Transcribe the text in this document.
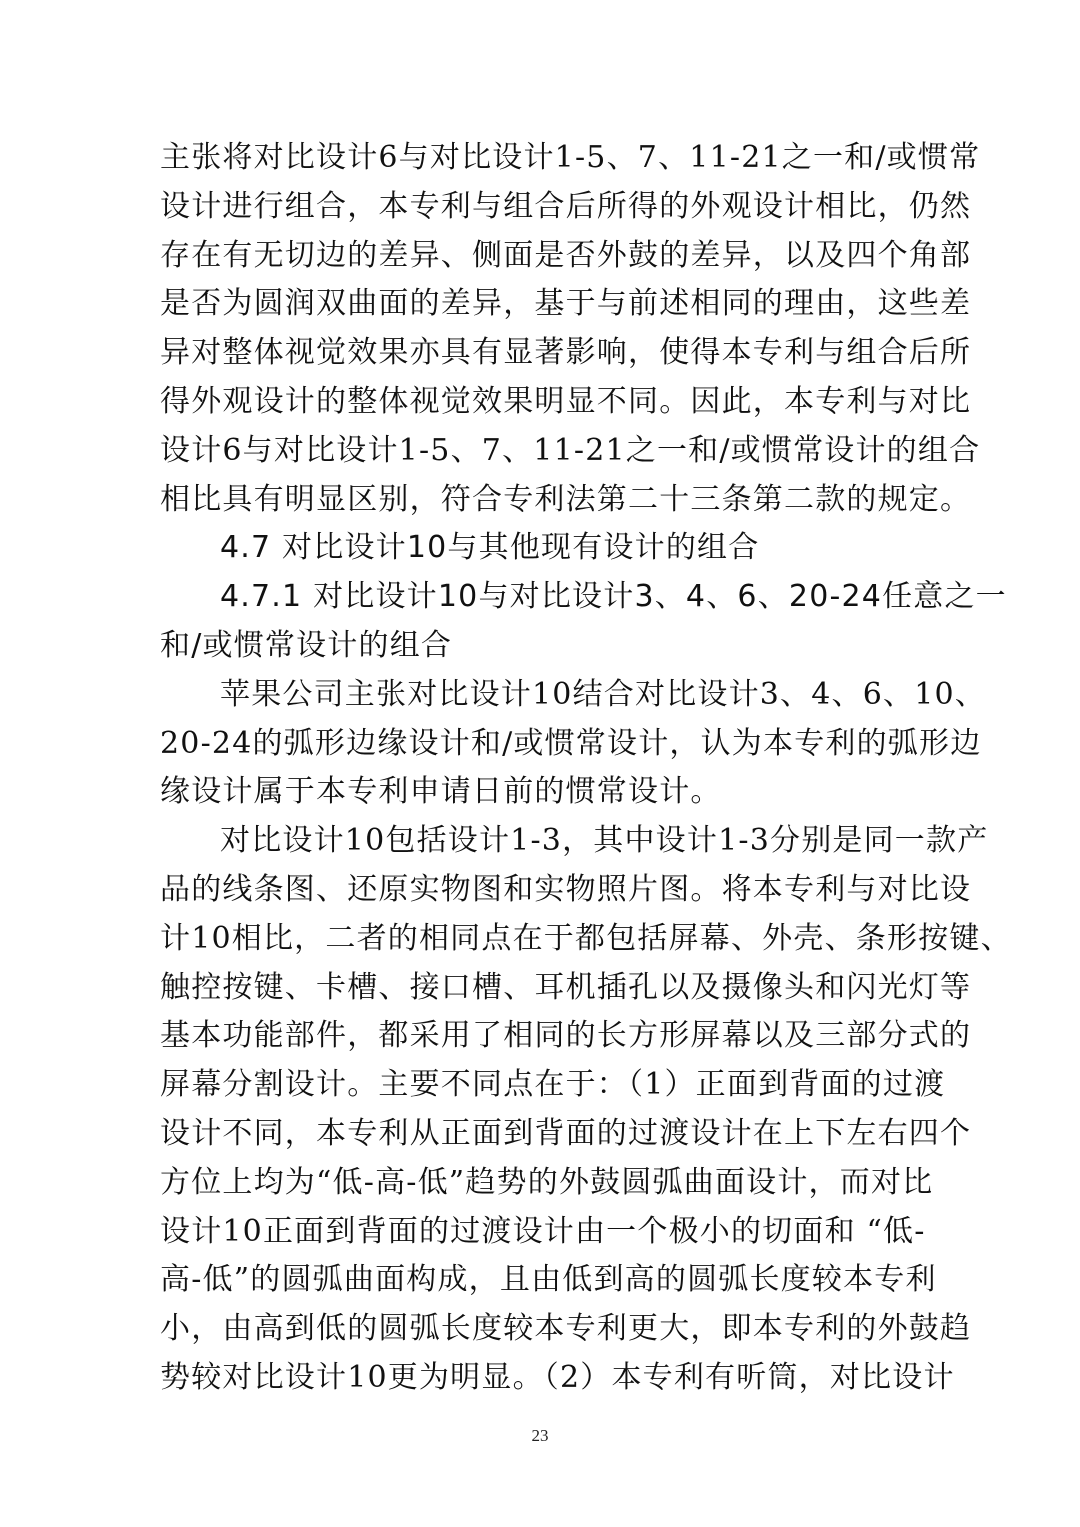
主张将对比设计6与对比设计1-5、7、11-21之一和/或惯常
设计进行组合，本专利与组合后所得的外观设计相比，仍然
存在有无切边的差异、侧面是否外鼓的差异，以及四个角部
是否为圆润双曲面的差异，基于与前述相同的理由，这些差
异对整体视觉效果亦具有显著影响，使得本专利与组合后所
得外观设计的整体视觉效果明显不同。因此，本专利与对比
设计6与对比设计1-5、7、11-21之一和/或惯常设计的组合
相比具有明显区别，符合专利法第二十三条第二款的规定。
4.7 对比设计10与其他现有设计的组合
4.7.1 对比设计10与对比设计3、4、6、20-24任意之一
和/或惯常设计的组合
苹果公司主张对比设计10结合对比设计3、4、6、10、
20-24的弧形边缘设计和/或惯常设计，认为本专利的弧形边
缘设计属于本专利申请日前的惯常设计。
对比设计10包括设计1-3，其中设计1-3分别是同一款产
品的线条图、还原实物图和实物照片图。将本专利与对比设
计10相比，二者的相同点在于都包括屏幕、外壳、条形按键、
触控按键、卡槽、接口槽、耳机插孔以及摄像头和闪光灯等
基本功能部件，都采用了相同的长方形屏幕以及三部分式的
屏幕分割设计。主要不同点在于：（1）正面到背面的过渡
设计不同，本专利从正面到背面的过渡设计在上下左右四个
方位上均为“低-高-低”趋势的外鼓圆弧曲面设计，而对比
设计10正面到背面的过渡设计由一个极小的切面和 “低-
高-低”的圆弧曲面构成，且由低到高的圆弧长度较本专利
小，由高到低的圆弧长度较本专利更大，即本专利的外鼓趋
势较对比设计10更为明显。（2）本专利有听筒，对比设计
23
